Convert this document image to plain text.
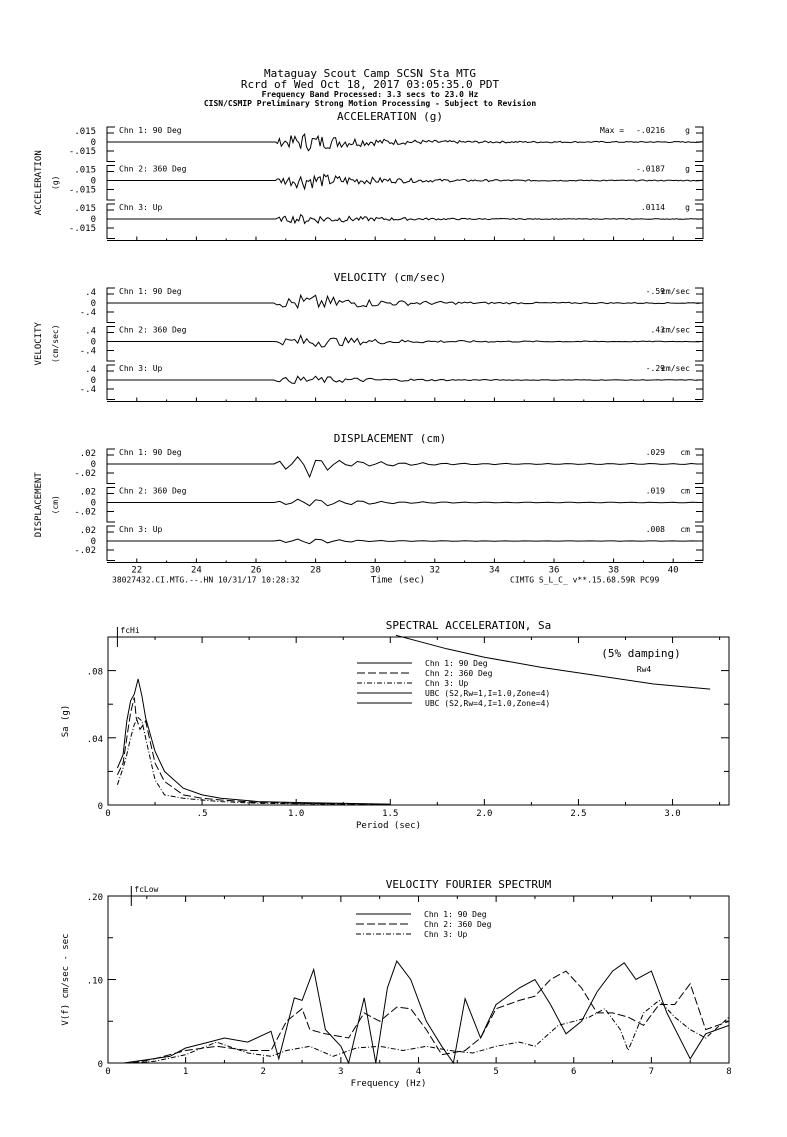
Mataguay Scout Camp SCSN Sta MTG
Rcrd of Wed Oct 18, 2017 03:05:35.0 PDT
Frequency Band Processed: 3.3 secs to 23.0 Hz
CISN/CSMIP Preliminary Strong Motion Processing - Subject to Revision
ACCELERATION (g)
ACCELERATION (g)
.015
0
-.015
Chn 1: 90 Deg	Max = -.0216	g
.015
0
-.015
Chn 2: 360 Deg	-.0187	g
.015
0
-.015
Chn 3: Up	.0114	g
VELOCITY (cm/sec)
VELOCITY (cm/sec)
.4
0
-.4
Chn 1: 90 Deg	-.59
cm/sec
.4
0
-.4
Chn 2: 360 Deg	.43
cm/sec
.4
0
-.4
Chn 3: Up	-.29
cm/sec
DISPLACEMENT (cm)
DISPLACEMENT (cm)
.02
0
-.02
Chn 1: 90 Deg	.029 cm
.02
0
-.02
Chn 2: 360 Deg	.019 cm
.02
0
-.02
Chn 3: Up	.008 cm
22	24	26	28	30	32	34	36	38	40
Time (sec)
38027432.CI.MTG.--.HN 10/31/17 10:28:32	CIMTG S_L_C_ v**.15.68.59R PC99
SPECTRAL ACCELERATION, Sa
0	.5	1.0	1.5	2.0	2.5	3.0
0
.04
.08
Period (sec)
Sa (g)
fcHi
Chn 1: 90 Deg
Chn 2: 360 Deg
Chn 3: Up
UBC (S2,Rw=1,I=1.0,Zone=4)
UBC (S2,Rw=4,I=1.0,Zone=4)
(5% damping)
Rw4
VELOCITY FOURIER SPECTRUM
0	1	2	3	4	5	6	7	8
0
.10
.20
Frequency (Hz)
V(f) cm/sec - sec
fcLow
Chn 1: 90 Deg
Chn 2: 360 Deg
Chn 3: Up
